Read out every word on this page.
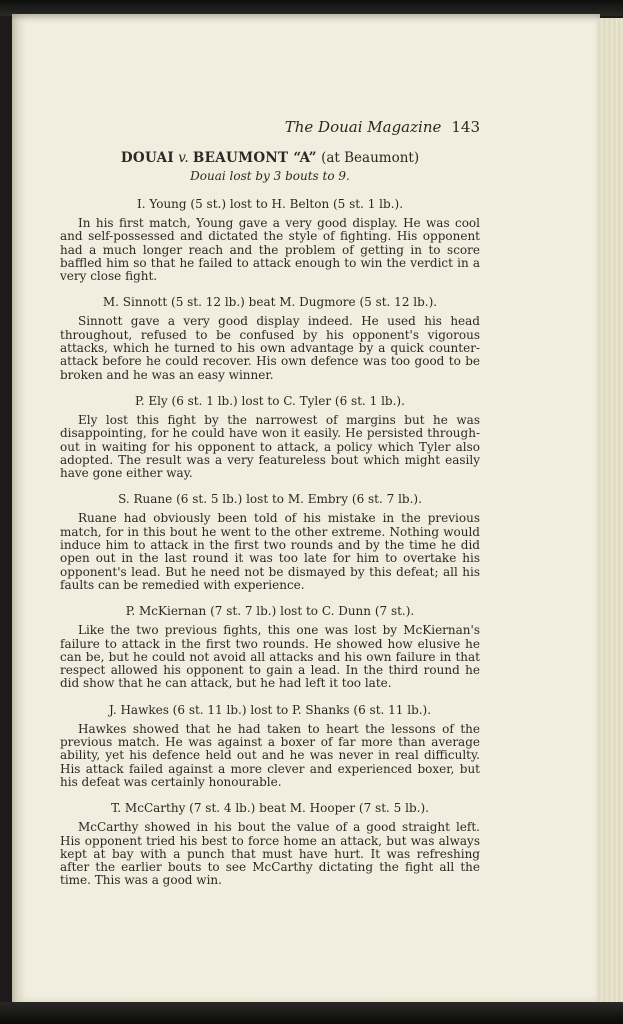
The Douai Magazine 143
DOUAI v. BEAUMONT “A” (at Beaumont)
Douai lost by 3 bouts to 9.
I. Young (5 st.) lost to H. Belton (5 st. 1 lb.).

In his first match, Young gave a very good display. He was cool and self-possessed and dictated the style of fighting. His opponent had a much longer reach and the problem of getting in to score baffled him so that he failed to attack enough to win the verdict in a very close fight.

M. Sinnott (5 st. 12 lb.) beat M. Dugmore (5 st. 12 lb.).

Sinnott gave a very good display indeed. He used his head throughout, refused to be confused by his opponent's vigorous attacks, which he turned to his own advantage by a quick counter-attack before he could recover. His own defence was too good to be broken and he was an easy winner.

P. Ely (6 st. 1 lb.) lost to C. Tyler (6 st. 1 lb.).

Ely lost this fight by the narrowest of margins but he was disappointing, for he could have won it easily. He persisted through-out in waiting for his opponent to attack, a policy which Tyler also adopted. The result was a very featureless bout which might easily have gone either way.

S. Ruane (6 st. 5 lb.) lost to M. Embry (6 st. 7 lb.).

Ruane had obviously been told of his mistake in the previous match, for in this bout he went to the other extreme. Nothing would induce him to attack in the first two rounds and by the time he did open out in the last round it was too late for him to overtake his opponent's lead. But he need not be dismayed by this defeat; all his faults can be remedied with experience.

P. McKiernan (7 st. 7 lb.) lost to C. Dunn (7 st.).

Like the two previous fights, this one was lost by McKiernan's failure to attack in the first two rounds. He showed how elusive he can be, but he could not avoid all attacks and his own failure in that respect allowed his opponent to gain a lead. In the third round he did show that he can attack, but he had left it too late.

J. Hawkes (6 st. 11 lb.) lost to P. Shanks (6 st. 11 lb.).

Hawkes showed that he had taken to heart the lessons of the previous match. He was against a boxer of far more than average ability, yet his defence held out and he was never in real difficulty. His attack failed against a more clever and experienced boxer, but his defeat was certainly honourable.

T. McCarthy (7 st. 4 lb.) beat M. Hooper (7 st. 5 lb.).

McCarthy showed in his bout the value of a good straight left. His opponent tried his best to force home an attack, but was always kept at bay with a punch that must have hurt. It was refreshing after the earlier bouts to see McCarthy dictating the fight all the time. This was a good win.
